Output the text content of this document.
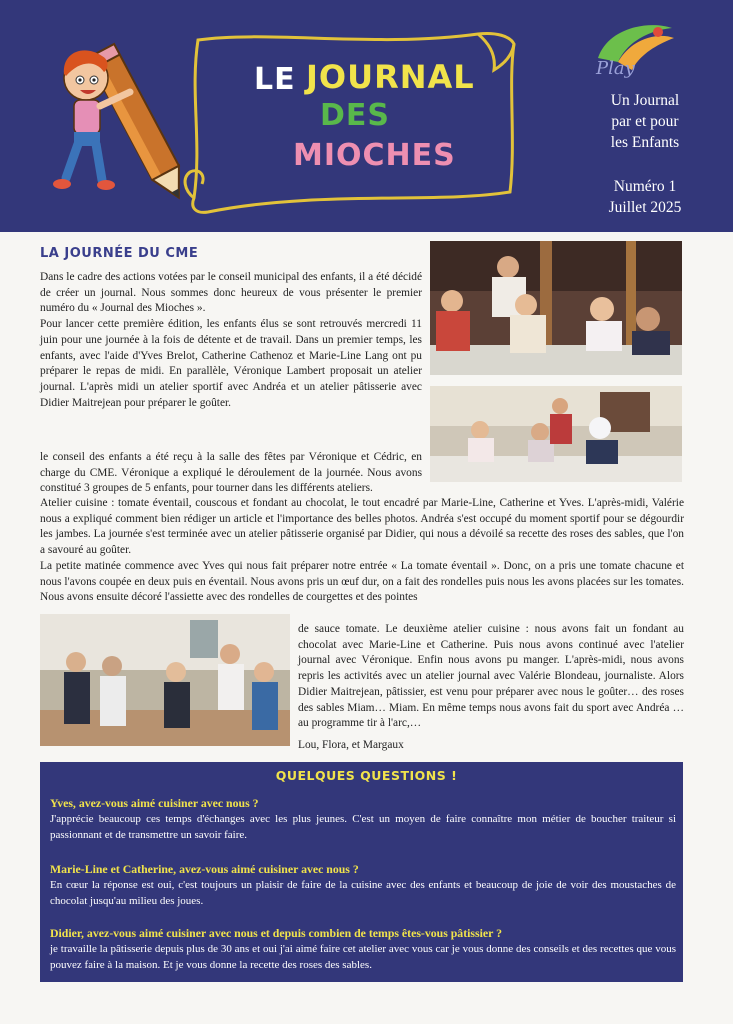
LE JOURNAL
DES
MIOCHES
Play
Un Journal
par et pour
les Enfants
Numéro 1
Juillet 2025
LA JOURNÉE DU CME

Dans le cadre des actions votées par le conseil municipal des enfants, il a été décidé de créer un journal. Nous sommes donc heureux de vous présenter le premier numéro du « Journal des Mioches ».

Pour lancer cette première édition, les enfants élus se sont retrouvés mercredi 11 juin pour une journée à la fois de détente et de travail. Dans un premier temps, les enfants, avec l'aide d'Yves Brelot, Catherine Cathenoz et Marie-Line Lang ont pu préparer le repas de midi. En parallèle, Véronique Lambert proposait un atelier journal. L'après midi un atelier sportif avec Andréa et un atelier pâtisserie avec Didier Maitrejean pour préparer le goûter.

le conseil des enfants a été reçu à la salle des fêtes par Véronique et Cédric, en charge du CME. Véronique a expliqué le déroulement de la journée. Nous avons constitué 3 groupes de 5 enfants, pour tourner dans les différents ateliers.

Atelier cuisine : tomate éventail, couscous et fondant au chocolat, le tout encadré par Marie-Line, Catherine et Yves. L'après-midi, Valérie nous a expliqué comment bien rédiger un article et l'importance des belles photos. Andréa s'est occupé du moment sportif pour se dégourdir les jambes. La journée s'est terminée avec un atelier pâtisserie organisé par Didier, qui nous a dévoilé sa recette des roses des sables, que l'on a savouré au goûter.

La petite matinée commence avec Yves qui nous fait préparer notre entrée « La tomate éventail ». Donc, on a pris une tomate chacune et nous l'avons coupée en deux puis en éventail. Nous avons pris un œuf dur, on a fait des rondelles puis nous les avons placées sur les tomates. Nous avons ensuite décoré l'assiette avec des rondelles de courgettes et des pointes

de sauce tomate. Le deuxième atelier cuisine : nous avons fait un fondant au chocolat avec Marie-Line et Catherine. Puis nous avons continué avec l'atelier journal avec Véronique. Enfin nous avons pu manger. L'après-midi, nous avons repris les activités avec un atelier journal avec Valérie Blondeau, journaliste. Alors Didier Maitrejean, pâtissier, est venu pour préparer avec nous le goûter… des roses des sables Miam… Miam. En même temps nous avons fait du sport avec Andréa … au programme tir à l'arc,…
Lou, Flora, et Margaux
QUELQUES QUESTIONS !
Yves, avez-vous aimé cuisiner avec nous ?
J'apprécie beaucoup ces temps d'échanges avec les plus jeunes. C'est un moyen de faire connaître mon métier de boucher traiteur si passionnant et de transmettre un savoir faire.
Marie-Line et Catherine, avez-vous aimé cuisiner avec nous ?
En cœur la réponse est oui, c'est toujours un plaisir de faire de la cuisine avec des enfants et beaucoup de joie de voir des moustaches de chocolat jusqu'au milieu des joues.
Didier, avez-vous aimé cuisiner avec nous et depuis combien de temps êtes-vous pâtissier ?
je travaille la pâtisserie depuis plus de 30 ans et oui j'ai aimé faire cet atelier avec vous car je vous donne des conseils et des recettes que vous pouvez faire à la maison. Et je vous donne la recette des roses des sables.
